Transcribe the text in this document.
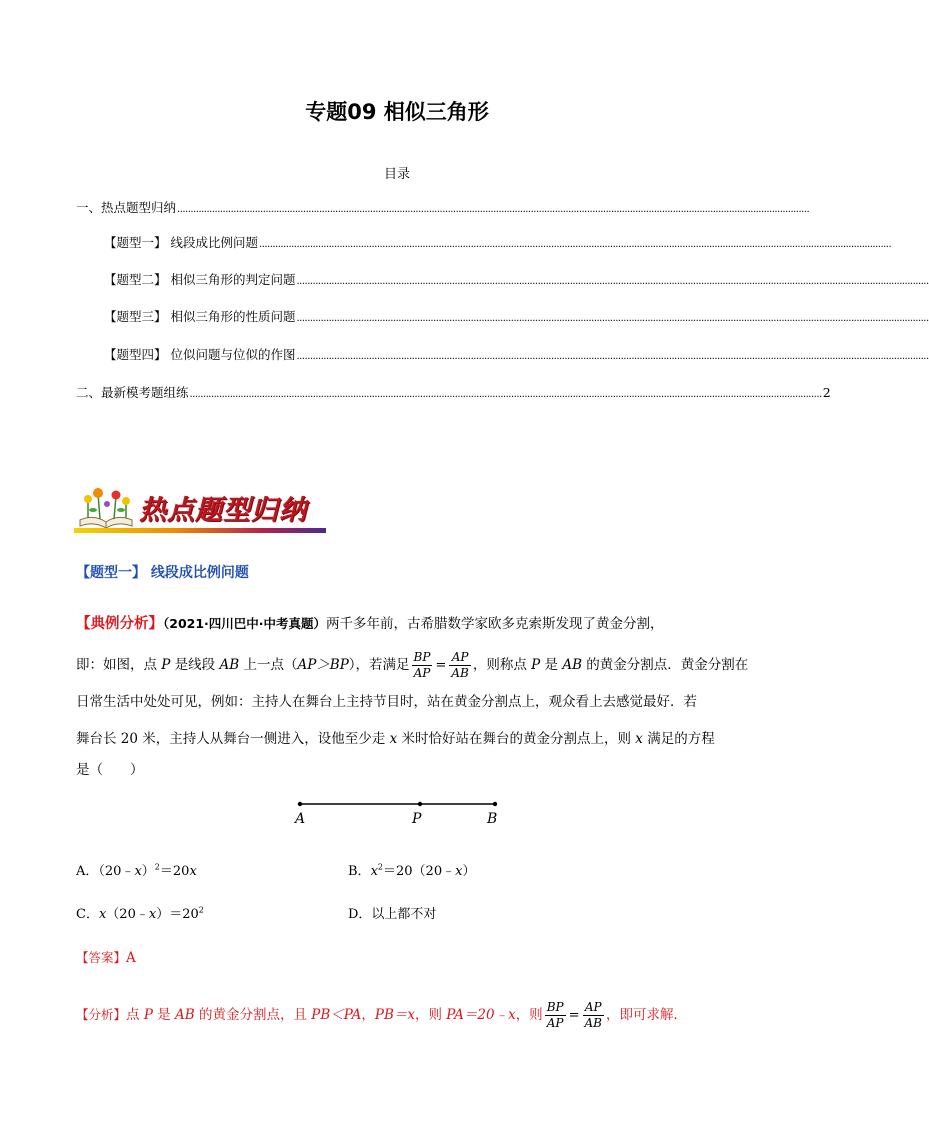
专题09 相似三角形
目录
一、热点题型归纳 ............................................................................................................................................................................................................................................
【题型一】 线段成比例问题 ............................................................................................................................................................................................................................................
【题型二】 相似三角形的判定问题 ............................................................................................................................................................................................................................................
【题型三】 相似三角形的性质问题 ............................................................................................................................................................................................................................................
【题型四】 位似问题与位似的作图 ............................................................................................................................................................................................................................................
二、最新模考题组练 ............................................................................................................................................................................................................................................ 2
热点题型归纳
【题型一】 线段成比例问题
【典例分析】（2021·四川巴中·中考真题）两千多年前，古希腊数学家欧多克索斯发现了黄金分割，
即：如图，点 P 是线段 AB 上一点（AP＞BP），若满足 $\frac{BP}{AP} = \frac{AP}{AB}$ ，则称点 P 是 AB 的黄金分割点．黄金分割在
日常生活中处处可见，例如：主持人在舞台上主持节目时，站在黄金分割点上，观众看上去感觉最好．若
舞台长 20 米，主持人从舞台一侧进入，设他至少走 x 米时恰好站在舞台的黄金分割点上，则 x 满足的方程
是（　　）
A	P	B
A．（20﹣x）$^2$＝20x	B．$x^2=20(20﹣x)$
C．$x(20﹣x)=20^2$	D．以上都不对
【答案】A
【分析】点 P 是 AB 的黄金分割点，且 PB＜PA，PB＝x，则 PA＝20﹣x，则 $\frac{BP}{AP} = \frac{AP}{AB}$ ，即可求解．
